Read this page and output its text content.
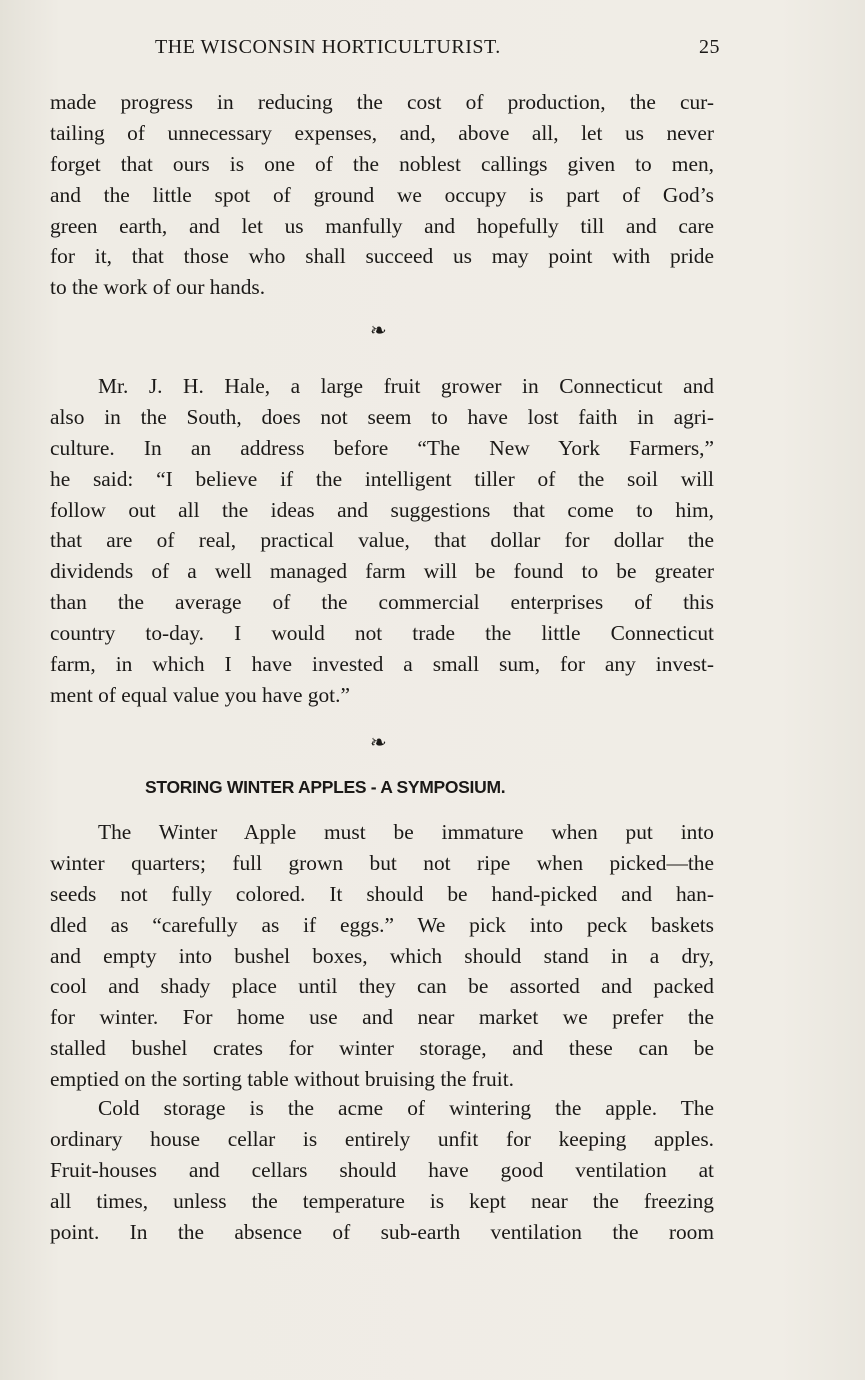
THE WISCONSIN HORTICULTURIST.	25
made progress in reducing the cost of production, the cur-
tailing of unnecessary expenses, and, above all, let us never
forget that ours is one of the noblest callings given to men,
and the little spot of ground we occupy is part of God’s
green earth, and let us manfully and hopefully till and care
for it, that those who shall succeed us may point with pride
to the work of our hands.
❧
Mr. J. H. Hale, a large fruit grower in Connecticut and
also in the South, does not seem to have lost faith in agri-
culture. In an address before “The New York Farmers,”
he said: “I believe if the intelligent tiller of the soil will
follow out all the ideas and suggestions that come to him,
that are of real, practical value, that dollar for dollar the
dividends of a well managed farm will be found to be greater
than the average of the commercial enterprises of this
country to-day. I would not trade the little Connecticut
farm, in which I have invested a small sum, for any invest-
ment of equal value you have got.”
❧
STORING WINTER APPLES - A SYMPOSIUM.
The Winter Apple must be immature when put into
winter quarters; full grown but not ripe when picked—the
seeds not fully colored. It should be hand-picked and han-
dled as “carefully as if eggs.” We pick into peck baskets
and empty into bushel boxes, which should stand in a dry,
cool and shady place until they can be assorted and packed
for winter. For home use and near market we prefer the
stalled bushel crates for winter storage, and these can be
emptied on the sorting table without bruising the fruit.
Cold storage is the acme of wintering the apple. The
ordinary house cellar is entirely unfit for keeping apples.
Fruit-houses and cellars should have good ventilation at
all times, unless the temperature is kept near the freezing
point. In the absence of sub-earth ventilation the room
